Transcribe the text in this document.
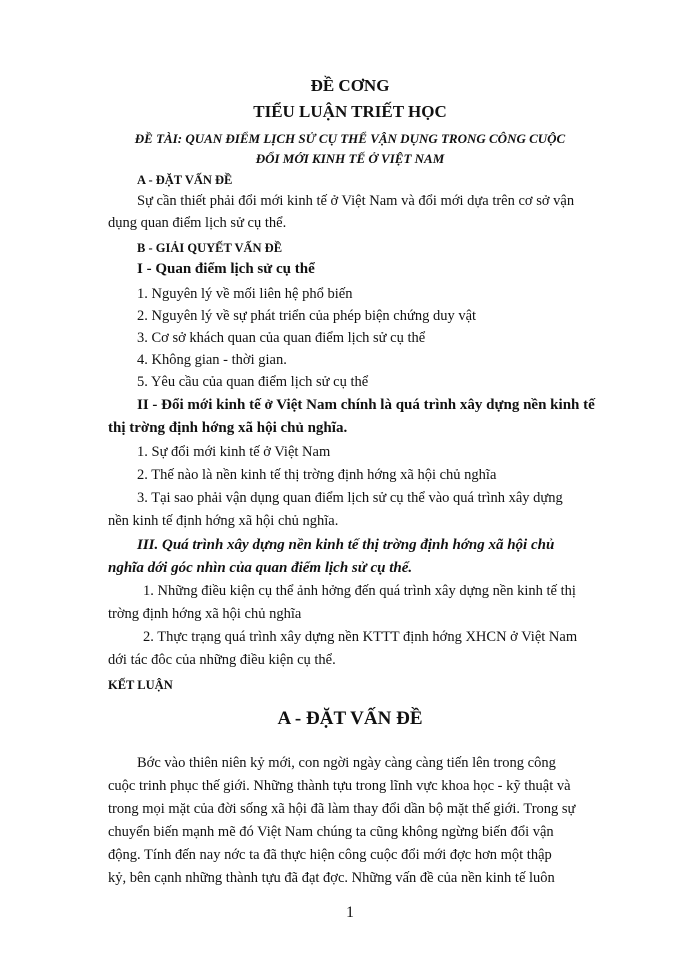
ĐỀ CƠNG
TIỂU LUẬN TRIẾT HỌC
ĐỀ TÀI: QUAN ĐIỂM LỊCH SỬ CỤ THỂ VẬN DỤNG TRONG CÔNG CUỘC
ĐỔI MỚI KINH TẾ Ở VIỆT NAM
A - ĐẶT VẤN ĐỀ
Sự cần thiết phải đổi mới kinh tế ở Việt Nam và đổi mới dựa trên cơ sở vận
dụng quan điểm lịch sử cụ thể.
B - GIẢI QUYẾT VẤN ĐỀ
I - Quan điểm lịch sử cụ thể
1. Nguyên lý về mối liên hệ phổ biến
2. Nguyên lý về sự phát triển của phép biện chứng duy vật
3. Cơ sở khách quan của quan điểm lịch sử cụ thể
4. Không gian - thời gian.
5. Yêu cầu của quan điểm lịch sử cụ thể
II - Đổi mới kinh tế ở Việt Nam chính là quá trình xây dựng nền kinh tế
thị trờng định hớng xã hội chủ nghĩa.
1. Sự đổi mới kinh tế ở Việt Nam
2. Thế nào là nền kinh tế thị trờng định hớng xã hội chủ nghĩa
3. Tại sao phải vận dụng quan điểm lịch sử cụ thể vào quá trình xây dựng
nền kinh tế định hớng xã hội chủ nghĩa.
III. Quá trình xây dựng nền kinh tế thị trờng định hớng xã hội chủ
nghĩa dới góc nhìn của quan điểm lịch sử cụ thể.
1. Những điều kiện cụ thể ảnh hởng đến quá trình xây dựng nền kinh tế thị
trờng định hớng xã hội chủ nghĩa
2. Thực trạng quá trình xây dựng nền KTTT định hớng XHCN ở Việt Nam
dới tác đôc của những điều kiện cụ thể.
KẾT LUẬN
A - ĐẶT VẤN ĐỀ
Bớc vào thiên niên kỷ mới, con ngời ngày càng càng tiến lên trong công
cuộc trinh phục thế giới. Những thành tựu trong lĩnh vực khoa học - kỹ thuật và
trong mọi mặt của đời sống xã hội đã làm thay đổi dần bộ mặt thế giới. Trong sự
chuyển biến mạnh mẽ đó Việt Nam chúng ta cũng không ngừng biến đổi vận
động. Tính đến nay nớc ta đã thực hiện công cuộc đổi mới đợc hơn một thập
kỷ, bên cạnh những thành tựu đã đạt đợc. Những vấn đề của nền kinh tế luôn
1
